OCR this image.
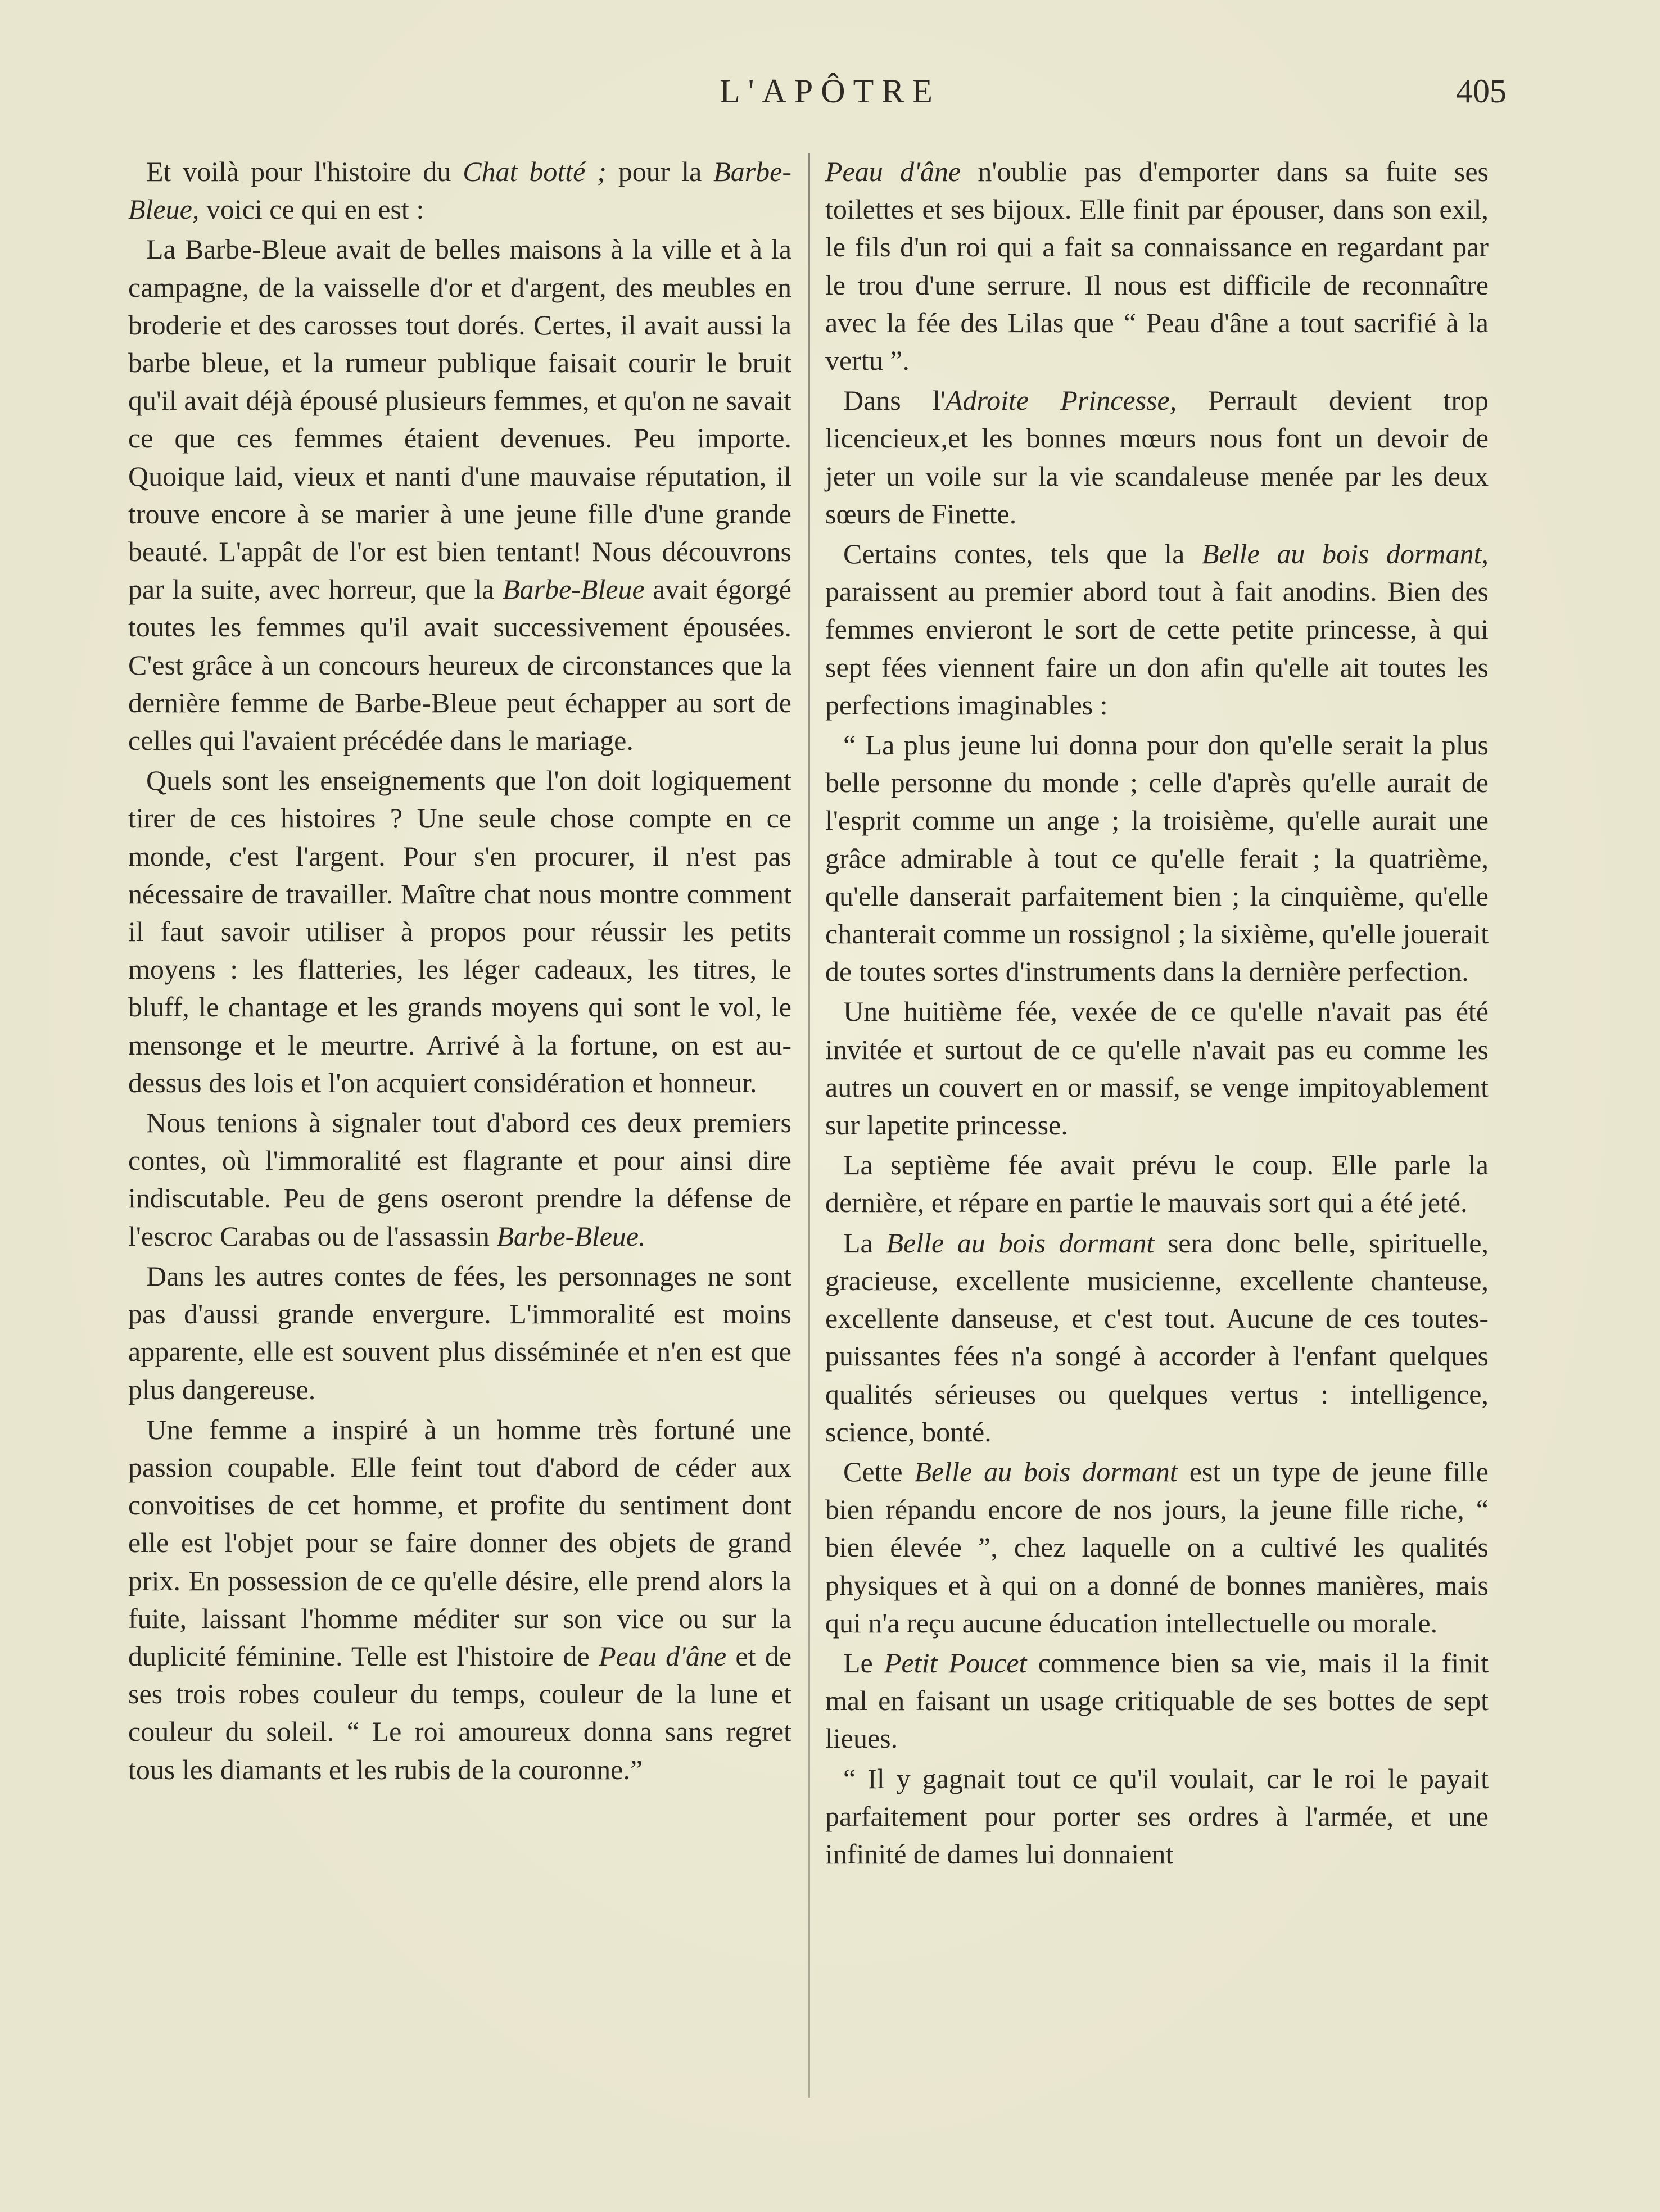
L'APÔTRE	405

Et voilà pour l'histoire du Chat botté ; pour la Barbe-Bleue, voici ce qui en est :

La Barbe-Bleue avait de belles maisons à la ville et à la campagne, de la vaisselle d'or et d'argent, des meubles en broderie et des carosses tout dorés. Certes, il avait aussi la barbe bleue, et la rumeur publique faisait courir le bruit qu'il avait déjà épousé plusieurs femmes, et qu'on ne savait ce que ces femmes étaient devenues. Peu importe. Quoique laid, vieux et nanti d'une mauvaise réputation, il trouve encore à se marier à une jeune fille d'une grande beauté. L'appât de l'or est bien tentant! Nous découvrons par la suite, avec horreur, que la Barbe-Bleue avait égorgé toutes les femmes qu'il avait successivement épousées. C'est grâce à un concours heureux de circonstances que la dernière femme de Barbe-Bleue peut échapper au sort de celles qui l'avaient précédée dans le mariage.

Quels sont les enseignements que l'on doit logiquement tirer de ces histoires ? Une seule chose compte en ce monde, c'est l'argent. Pour s'en procurer, il n'est pas nécessaire de travailler. Maître chat nous montre comment il faut savoir utiliser à propos pour réussir les petits moyens : les flatteries, les léger cadeaux, les titres, le bluff, le chantage et les grands moyens qui sont le vol, le mensonge et le meurtre. Arrivé à la fortune, on est au-dessus des lois et l'on acquiert considération et honneur.

Nous tenions à signaler tout d'abord ces deux premiers contes, où l'immoralité est flagrante et pour ainsi dire indiscutable. Peu de gens oseront prendre la défense de l'escroc Carabas ou de l'assassin Barbe-Bleue.

Dans les autres contes de fées, les personnages ne sont pas d'aussi grande envergure. L'immoralité est moins apparente, elle est souvent plus disséminée et n'en est que plus dangereuse.

Une femme a inspiré à un homme très fortuné une passion coupable. Elle feint tout d'abord de céder aux convoitises de cet homme, et profite du sentiment dont elle est l'objet pour se faire donner des objets de grand prix. En possession de ce qu'elle désire, elle prend alors la fuite, laissant l'homme méditer sur son vice ou sur la duplicité féminine. Telle est l'histoire de Peau d'âne et de ses trois robes couleur du temps, couleur de la lune et couleur du soleil. “ Le roi amoureux donna sans regret tous les diamants et les rubis de la couronne.”

Peau d'âne n'oublie pas d'emporter dans sa fuite ses toilettes et ses bijoux. Elle finit par épouser, dans son exil, le fils d'un roi qui a fait sa connaissance en regardant par le trou d'une serrure. Il nous est difficile de reconnaître avec la fée des Lilas que “ Peau d'âne a tout sacrifié à la vertu ”.

Dans l'Adroite Princesse, Perrault devient trop licencieux,et les bonnes mœurs nous font un devoir de jeter un voile sur la vie scandaleuse menée par les deux sœurs de Finette.

Certains contes, tels que la Belle au bois dormant, paraissent au premier abord tout à fait anodins. Bien des femmes envieront le sort de cette petite princesse, à qui sept fées viennent faire un don afin qu'elle ait toutes les perfections imaginables :

“ La plus jeune lui donna pour don qu'elle serait la plus belle personne du monde ; celle d'après qu'elle aurait de l'esprit comme un ange ; la troisième, qu'elle aurait une grâce admirable à tout ce qu'elle ferait ; la quatrième, qu'elle danserait parfaitement bien ; la cinquième, qu'elle chanterait comme un rossignol ; la sixième, qu'elle jouerait de toutes sortes d'instruments dans la dernière perfection.

Une huitième fée, vexée de ce qu'elle n'avait pas été invitée et surtout de ce qu'elle n'avait pas eu comme les autres un couvert en or massif, se venge impitoyablement sur lapetite princesse.

La septième fée avait prévu le coup. Elle parle la dernière, et répare en partie le mauvais sort qui a été jeté.

La Belle au bois dormant sera donc belle, spirituelle, gracieuse, excellente musicienne, excellente chanteuse, excellente danseuse, et c'est tout. Aucune de ces toutes-puissantes fées n'a songé à accorder à l'enfant quelques qualités sérieuses ou quelques vertus : intelligence, science, bonté.

Cette Belle au bois dormant est un type de jeune fille bien répandu encore de nos jours, la jeune fille riche, “ bien élevée ”, chez laquelle on a cultivé les qualités physiques et à qui on a donné de bonnes manières, mais qui n'a reçu aucune éducation intellectuelle ou morale.

Le Petit Poucet commence bien sa vie, mais il la finit mal en faisant un usage critiquable de ses bottes de sept lieues.

“ Il y gagnait tout ce qu'il voulait, car le roi le payait parfaitement pour porter ses ordres à l'armée, et une infinité de dames lui donnaient
